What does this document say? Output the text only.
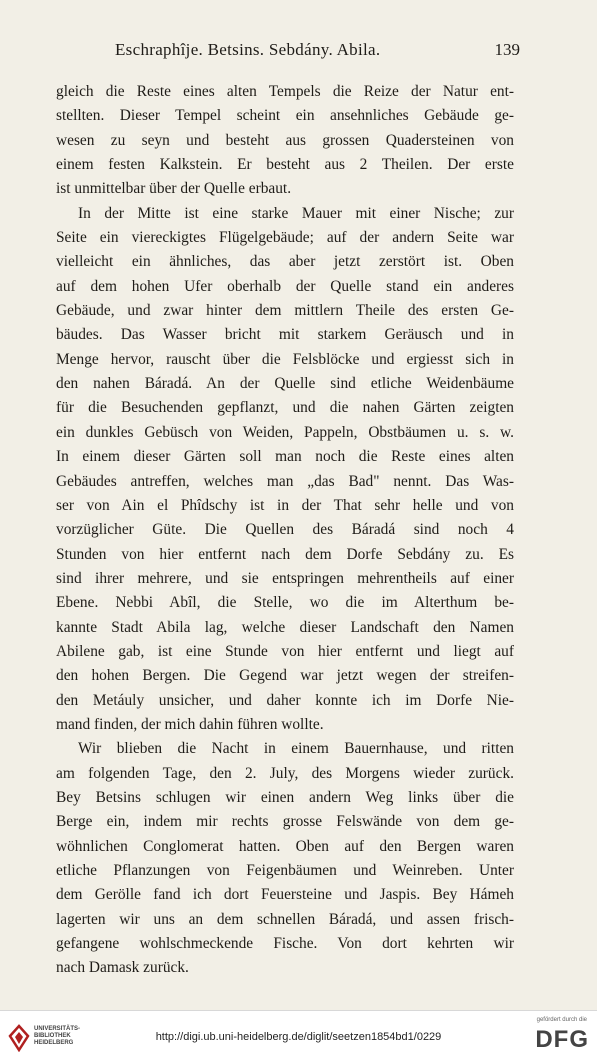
Eschraphîje. Betsins. Sebdány. Abila.	139
gleich die Reste eines alten Tempels die Reize der Natur ent-
stellten. Dieser Tempel scheint ein ansehnliches Gebäude ge-
wesen zu seyn und besteht aus grossen Quadersteinen von
einem festen Kalkstein. Er besteht aus 2 Theilen. Der erste
ist unmittelbar über der Quelle erbaut.
In der Mitte ist eine starke Mauer mit einer Nische; zur
Seite ein viereckigtes Flügelgebäude; auf der andern Seite war
vielleicht ein ähnliches, das aber jetzt zerstört ist. Oben
auf dem hohen Ufer oberhalb der Quelle stand ein anderes
Gebäude, und zwar hinter dem mittlern Theile des ersten Ge-
bäudes. Das Wasser bricht mit starkem Geräusch und in
Menge hervor, rauscht über die Felsblöcke und ergiesst sich in
den nahen Báradá. An der Quelle sind etliche Weidenbäume
für die Besuchenden gepflanzt, und die nahen Gärten zeigten
ein dunkles Gebüsch von Weiden, Pappeln, Obstbäumen u. s. w.
In einem dieser Gärten soll man noch die Reste eines alten
Gebäudes antreffen, welches man „das Bad" nennt. Das Was-
ser von Ain el Phîdschy ist in der That sehr helle und von
vorzüglicher Güte. Die Quellen des Báradá sind noch 4
Stunden von hier entfernt nach dem Dorfe Sebdány zu. Es
sind ihrer mehrere, und sie entspringen mehrentheils auf einer
Ebene. Nebbi Abîl, die Stelle, wo die im Alterthum be-
kannte Stadt Abila lag, welche dieser Landschaft den Namen
Abilene gab, ist eine Stunde von hier entfernt und liegt auf
den hohen Bergen. Die Gegend war jetzt wegen der streifen-
den Metáuly unsicher, und daher konnte ich im Dorfe Nie-
mand finden, der mich dahin führen wollte.
Wir blieben die Nacht in einem Bauernhause, und ritten
am folgenden Tage, den 2. July, des Morgens wieder zurück.
Bey Betsins schlugen wir einen andern Weg links über die
Berge ein, indem mir rechts grosse Felswände von dem ge-
wöhnlichen Conglomerat hatten. Oben auf den Bergen waren
etliche Pflanzungen von Feigenbäumen und Weinreben. Unter
dem Gerölle fand ich dort Feuersteine und Jaspis. Bey Hámeh
lagerten wir uns an dem schnellen Báradá, und assen frisch-
gefangene wohlschmeckende Fische. Von dort kehrten wir
nach Damask zurück.
UNIVERSITÄTS-
BIBLIOTHEK
HEIDELBERG	http://digi.ub.uni-heidelberg.de/diglit/seetzen1854bd1/0229
gefördert durch die
DFG
